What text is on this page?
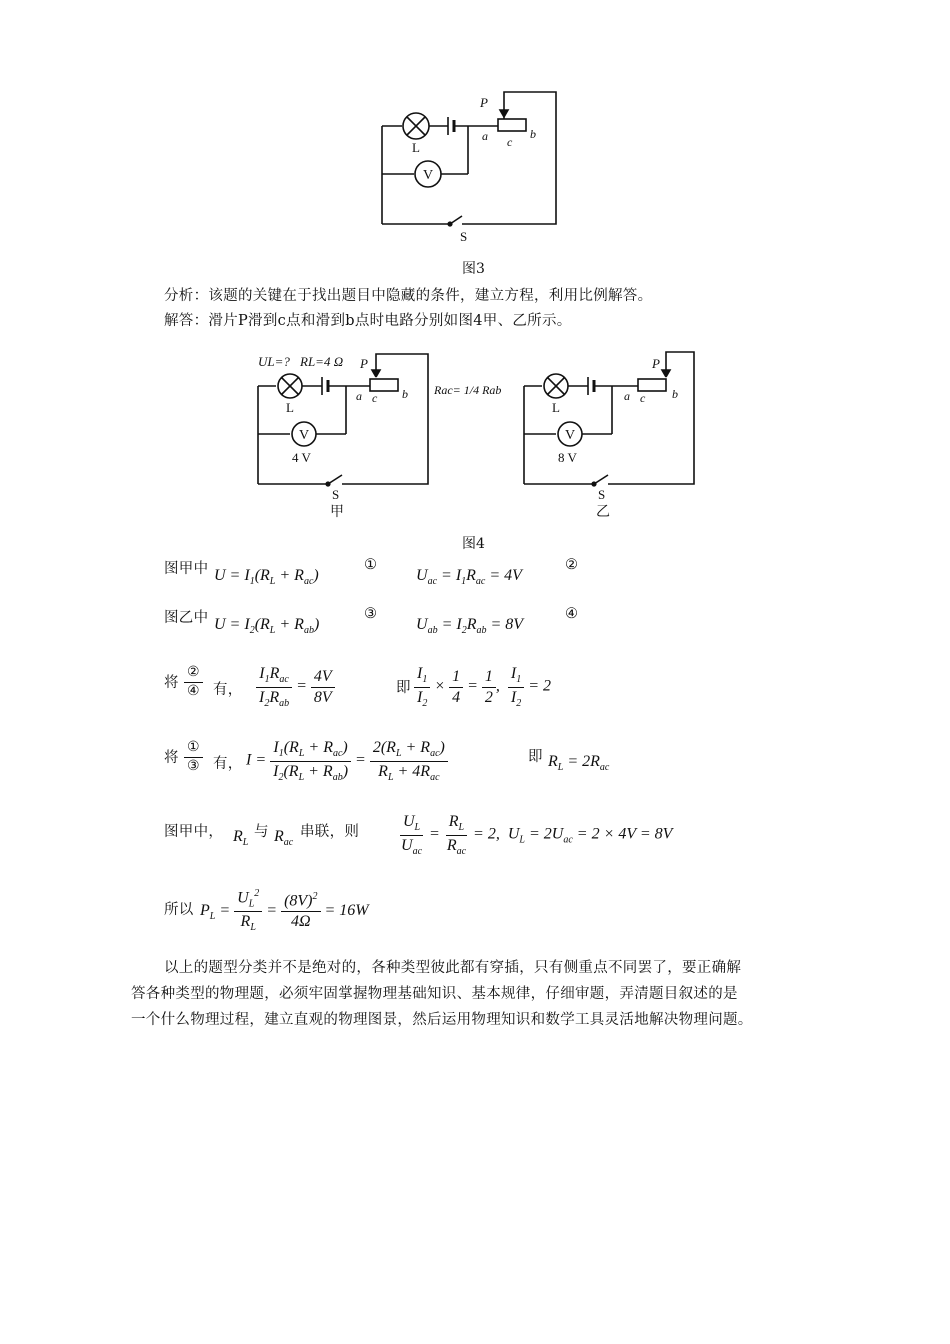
P
L
V
a c
b
S
图3
分析：该题的关键在于找出题目中隐藏的条件，建立方程，利用比例解答。
解答：滑片P滑到c点和滑到b点时电路分别如图4甲、乙所示。
UL=? RL=4 Ω P
L
V
4 V
a c b
S
甲
Rac= 1/4 Rab
P
L
V
8 V
a c b
S
乙
图4
图甲中 $U = I_1(R_L + R_{ac})$
①
$U_{ac} = I_1R_{ac} = 4V$
②
图乙中 $U = I_2(R_L + R_{ab})$
③
$U_{ab} = I_2R_{ab} = 8V$
④
将 $\frac{\text{②}}{\text{④}}$ 有， $\frac{I_1R_{ac}}{I_2R_{ab}} = \frac{4V}{8V}$	即 $\frac{I_1}{I_2} \times \frac{1}{4} = \frac{1}{2}$ , $\frac{I_1}{I_2} = 2$
将 $\frac{\text{①}}{\text{③}}$ 有， $I = \frac{I_1(R_L + R_{ac})}{I_2(R_L + R_{ab})} = \frac{2(R_L + R_{ac})}{R_L + 4R_{ac}}$	即 $R_L = 2R_{ac}$
图甲中， $R_L$
与 $R_{ac}$
串联，则 $\frac{U_L}{U_{ac}} = \frac{R_L}{R_{ac}} = 2$,  $U_L = 2U_{ac} = 2 \times 4V = 8V$
所以 $P_L = \frac{U_L^2}{R_L} = \frac{(8V)^2}{4\Omega} = 16W$
以上的题型分类并不是绝对的，各种类型彼此都有穿插，只有侧重点不同罢了，要正确解
答各种类型的物理题，必须牢固掌握物理基础知识、基本规律，仔细审题，弄清题目叙述的是
一个什么物理过程，建立直观的物理图景，然后运用物理知识和数学工具灵活地解决物理问题。
